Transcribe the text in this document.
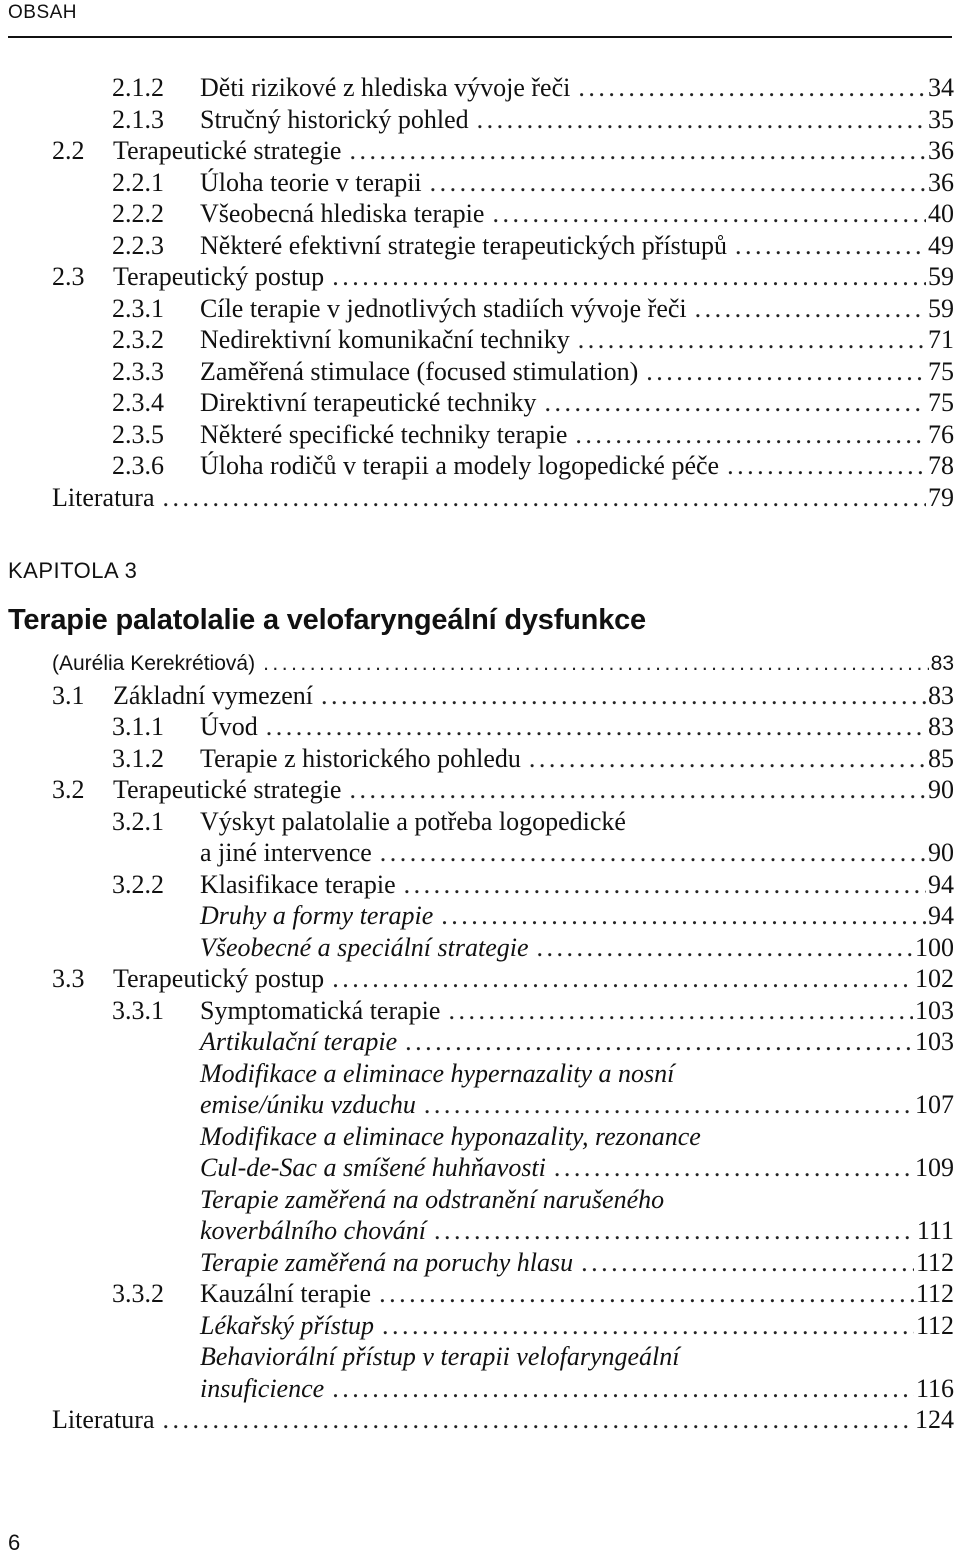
OBSAH
2.1.2 Děti rizikové z hlediska vývoje řeči .....	34
2.1.3 Stručný historický pohled .....	35
2.2 Terapeutické strategie .....	36
2.2.1 Úloha teorie v terapii .....	36
2.2.2 Všeobecná hlediska terapie .....	40
2.2.3 Některé efektivní strategie terapeutických přístupů .....	49
2.3 Terapeutický postup .....	59
2.3.1 Cíle terapie v jednotlivých stadiích vývoje řeči .....	59
2.3.2 Nedirektivní komunikační techniky .....	71
2.3.3 Zaměřená stimulace (focused stimulation) .....	75
2.3.4 Direktivní terapeutické techniky .....	75
2.3.5 Některé specifické techniky terapie .....	76
2.3.6 Úloha rodičů v terapii a modely logopedické péče .....	78
Literatura .....	79
KAPITOLA 3
Terapie palatolalie a velofaryngeální dysfunkce
(Aurélia Kerekrétiová) .....	83
3.1 Základní vymezení .....	83
3.1.1 Úvod .....	83
3.1.2 Terapie z historického pohledu .....	85
3.2 Terapeutické strategie .....	90
3.2.1 Výskyt palatolalie a potřeba logopedické
a jiné intervence .....	90
3.2.2 Klasifikace terapie .....	94
Druhy a formy terapie .....	94
Všeobecné a speciální strategie .....	100
3.3 Terapeutický postup .....	102
3.3.1 Symptomatická terapie .....	103
Artikulační terapie .....	103
Modifikace a eliminace hypernazality a nosní
emise/úniku vzduchu .....	107
Modifikace a eliminace hyponazality, rezonance
Cul-de-Sac a smíšené huhňavosti .....	109
Terapie zaměřená na odstranění narušeného
koverbálního chování .....	111
Terapie zaměřená na poruchy hlasu .....	112
3.3.2 Kauzální terapie .....	112
Lékařský přístup .....	112
Behaviorální přístup v terapii velofaryngeální
insuficience .....	116
Literatura .....	124
6
